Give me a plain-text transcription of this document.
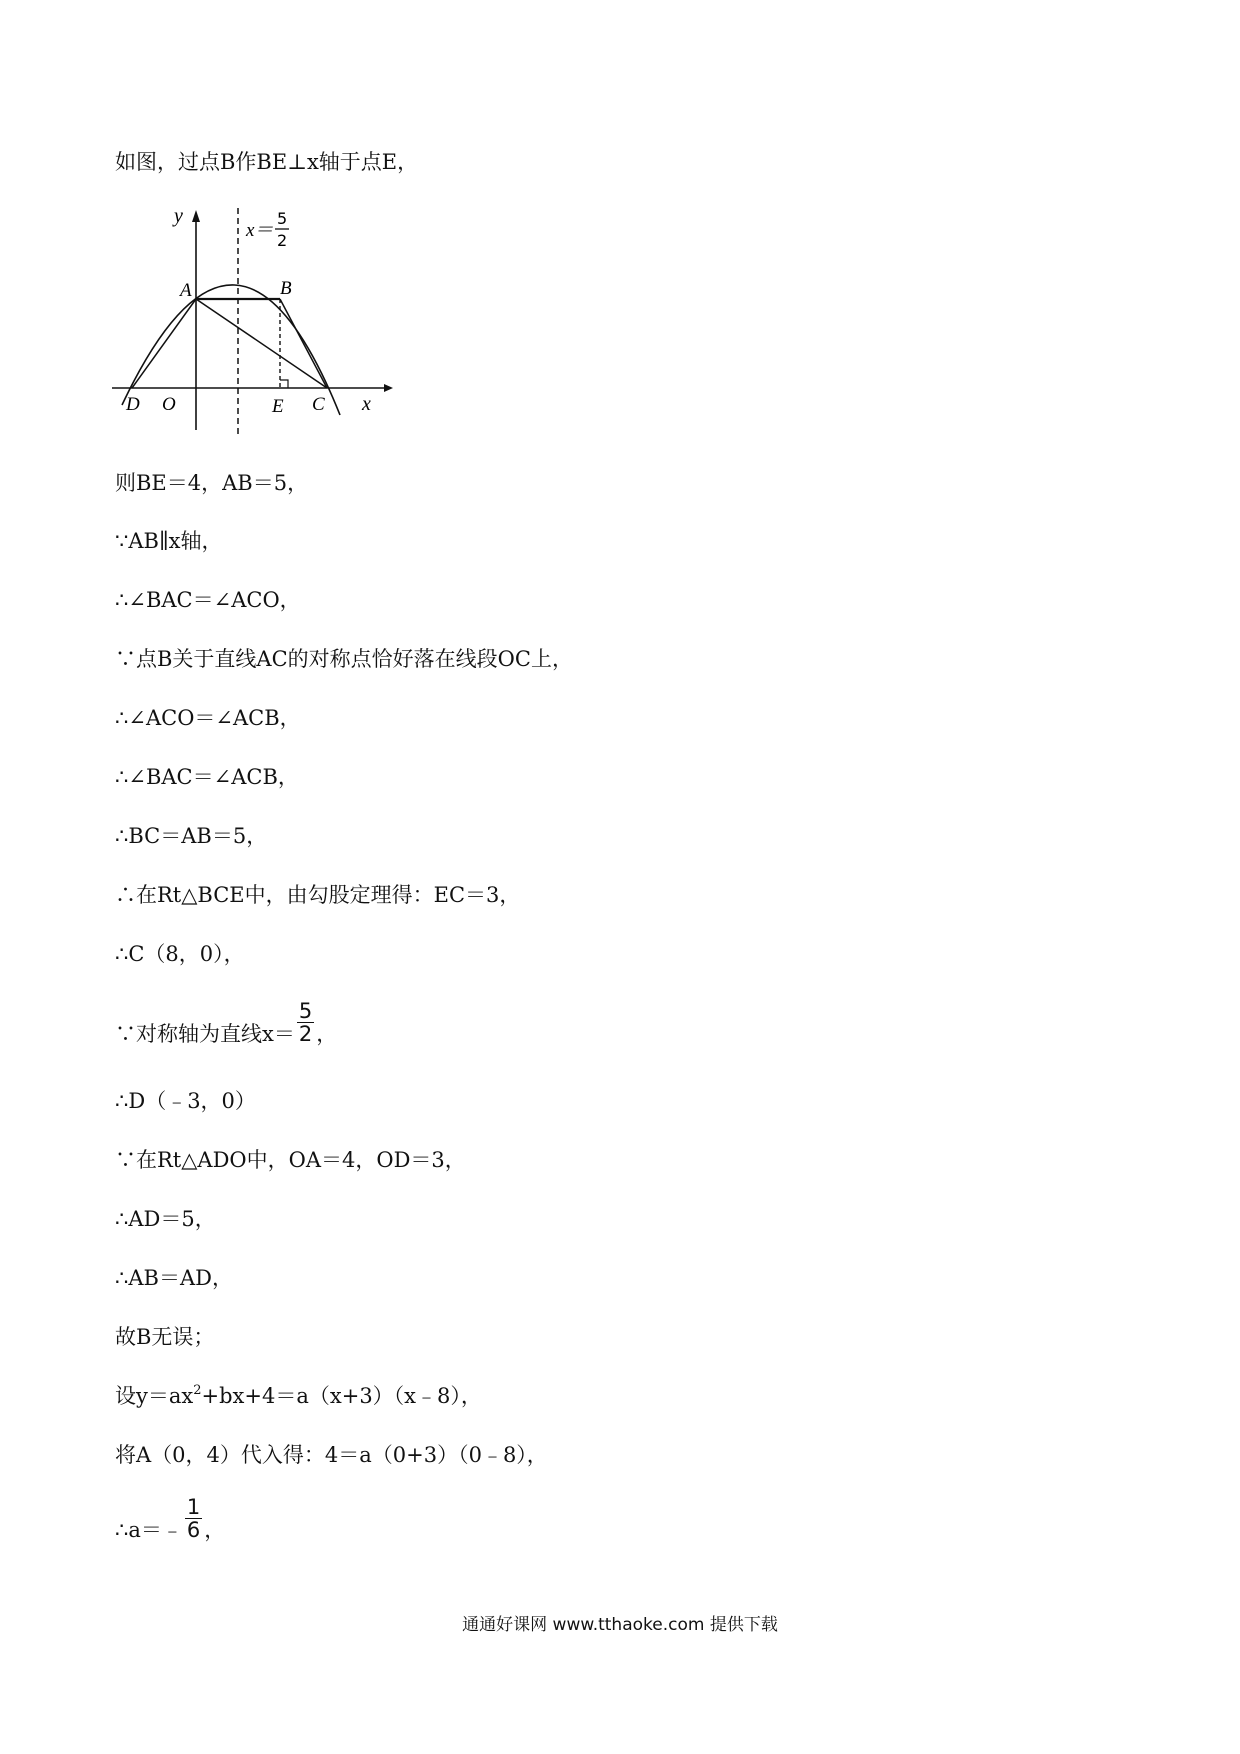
如图，过点B作BE⊥x轴于点E，
y
x
A	B
D O	E C
x＝
5
2
则BE＝4，AB＝5，
∵AB∥x轴，
∴∠BAC＝∠ACO，
∵点B关于直线AC的对称点恰好落在线段OC上，
∴∠ACO＝∠ACB，
∴∠BAC＝∠ACB，
∴BC＝AB＝5，
∴在Rt△BCE中，由勾股定理得：EC＝3，
∴C（8，0），
∵对称轴为直线$x= \frac{5}{2}$ ，
∴D（﹣3，0）
∵在Rt△ADO中，OA＝4，OD＝3，
∴AD＝5，
∴AB＝AD，
故B无误；
设$y=ax^2+bx+4=a(x+3)(x﹣8)$，
将A（0，4）代入得：4＝a（0+3）（0﹣8），
∴a＝﹣ $\frac{1}{6}$ ，
通通好课网 www.tthaoke.com 提供下载
